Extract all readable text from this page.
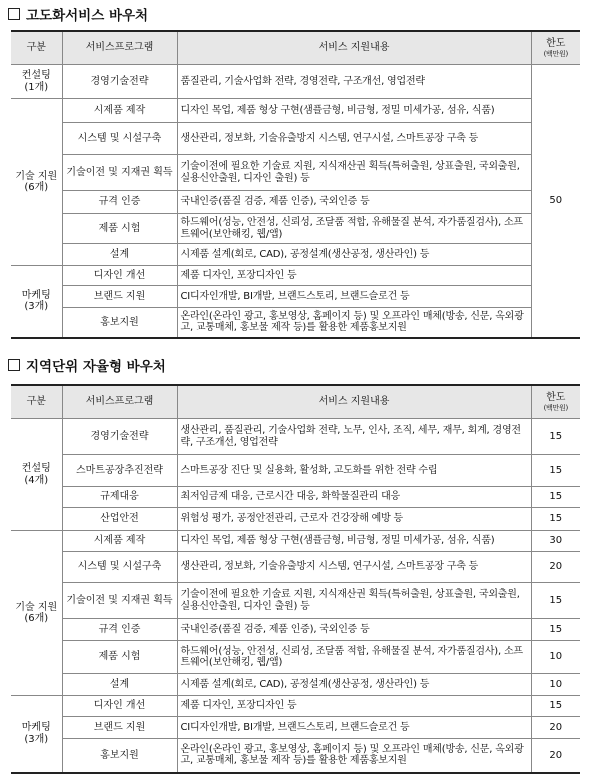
고도화서비스 바우처
구분	서비스프로그램	서비스 지원내용	한도
(백만원)

컨설팅
(1개)	경영기술전략	품질관리, 기술사업화 전략, 경영전략, 구조개선, 영업전략	50
기술 지원
(6개)	시제품 제작	디자인 목업, 제품 형상 구현(샘플금형, 비금형, 정밀 미세가공, 섬유, 식품)	
	시스템 및 시설구축	생산관리, 정보화, 기술유출방지 시스템, 연구시설, 스마트공장 구축 등	
	기술이전 및 지재권 획득	기술이전에 필요한 기술료 지원, 지식재산권 획득(특허출원, 상표출원, 국외출원, 실용신안출원, 디자인 출원) 등	
	규격 인증	국내인증(품질 검증, 제품 인증), 국외인증 등	
	제품 시험	하드웨어(성능, 안전성, 신뢰성, 조달품 적합, 유해물질 분석, 자가품질검사), 소프트웨어(보안해킹, 웹/앱)	
	설계	시제품 설계(회로, CAD), 공정설계(생산공정, 생산라인) 등	
마케팅
(3개)	디자인 개선	제품 디자인, 포장디자인 등	
	브랜드 지원	CI디자인개발, BI개발, 브랜드스토리, 브랜드슬로건 등	
	홍보지원	온라인(온라인 광고, 홍보영상, 홈페이지 등) 및 오프라인 매체(방송, 신문, 옥외광고, 교통매체, 홍보물 제작 등)를 활용한 제품홍보지원	
지역단위 자율형 바우처
구분	서비스프로그램	서비스 지원내용	한도
(백만원)

컨설팅
(4개)	경영기술전략	생산관리, 품질관리, 기술사업화 전략, 노무, 인사, 조직, 세무, 재무, 회계, 경영전략, 구조개선, 영업전략	15
	스마트공장추진전략	스마트공장 진단 및 실용화, 활성화, 고도화를 위한 전략 수립	15
	규제대응	최저임금제 대응, 근로시간 대응, 화학물질관리 대응	15
	산업안전	위험성 평가, 공정안전관리, 근로자 건강장해 예방 등	15
기술 지원
(6개)	시제품 제작	디자인 목업, 제품 형상 구현(샘플금형, 비금형, 정밀 미세가공, 섬유, 식품)	30
	시스템 및 시설구축	생산관리, 정보화, 기술유출방지 시스템, 연구시설, 스마트공장 구축 등	20
	기술이전 및 지재권 획득	기술이전에 필요한 기술료 지원, 지식재산권 획득(특허출원, 상표출원, 국외출원, 실용신안출원, 디자인 출원) 등	15
	규격 인증	국내인증(품질 검증, 제품 인증), 국외인증 등	15
	제품 시험	하드웨어(성능, 안전성, 신뢰성, 조달품 적합, 유해물질 분석, 자가품질검사), 소프트웨어(보안해킹, 웹/앱)	10
	설계	시제품 설계(회로, CAD), 공정설계(생산공정, 생산라인) 등	10
마케팅
(3개)	디자인 개선	제품 디자인, 포장디자인 등	15
	브랜드 지원	CI디자인개발, BI개발, 브랜드스토리, 브랜드슬로건 등	20
	홍보지원	온라인(온라인 광고, 홍보영상, 홈페이지 등) 및 오프라인 매체(방송, 신문, 옥외광고, 교통매체, 홍보물 제작 등)를 활용한 제품홍보지원	20
